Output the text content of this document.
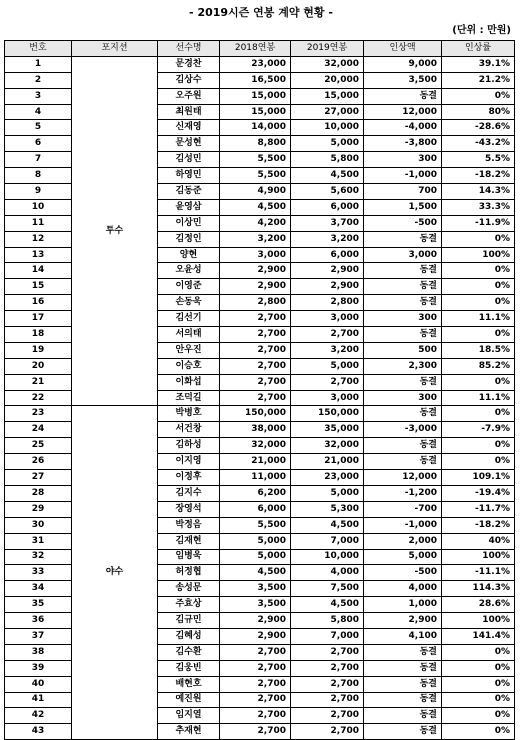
- 2019시즌 연봉 계약 현황 -
(단위 : 만원)
번호	포지션	선수명	2018연봉	2019연봉	인상액	인상률
1	투수	문경찬	23,000	32,000	9,000	39.1%
2		김상수	16,500	20,000	3,500	21.2%
3		오주원	15,000	15,000	동결	0%
4		최원태	15,000	27,000	12,000	80%
5		신재영	14,000	10,000	-4,000	-28.6%
6		문성현	8,800	5,000	-3,800	-43.2%
7		김성민	5,500	5,800	300	5.5%
8		하영민	5,500	4,500	-1,000	-18.2%
9		김동준	4,900	5,600	700	14.3%
10		윤영삼	4,500	6,000	1,500	33.3%
11		이상민	4,200	3,700	-500	-11.9%
12		김정인	3,200	3,200	동결	0%
13		양현	3,000	6,000	3,000	100%
14		오윤성	2,900	2,900	동결	0%
15		이영준	2,900	2,900	동결	0%
16		손동욱	2,800	2,800	동결	0%
17		김선기	2,700	3,000	300	11.1%
18		서의태	2,700	2,700	동결	0%
19		안우진	2,700	3,200	500	18.5%
20		이승호	2,700	5,000	2,300	85.2%
21		이화섭	2,700	2,700	동결	0%
22		조덕길	2,700	3,000	300	11.1%
23	야수	박병호	150,000	150,000	동결	0%
24		서건창	38,000	35,000	-3,000	-7.9%
25		김하성	32,000	32,000	동결	0%
26		이지영	21,000	21,000	동결	0%
27		이정후	11,000	23,000	12,000	109.1%
28		김지수	6,200	5,000	-1,200	-19.4%
29		장영석	6,000	5,300	-700	-11.7%
30		박정음	5,500	4,500	-1,000	-18.2%
31		김재현	5,000	7,000	2,000	40%
32		임병욱	5,000	10,000	5,000	100%
33		허정협	4,500	4,000	-500	-11.1%
34		송성문	3,500	7,500	4,000	114.3%
35		주효상	3,500	4,500	1,000	28.6%
36		김규민	2,900	5,800	2,900	100%
37		김혜성	2,900	7,000	4,100	141.4%
38		김수환	2,700	2,700	동결	0%
39		김웅빈	2,700	2,700	동결	0%
40		배현호	2,700	2,700	동결	0%
41		예진원	2,700	2,700	동결	0%
42		임지열	2,700	2,700	동결	0%
43		추재현	2,700	2,700	동결	0%
